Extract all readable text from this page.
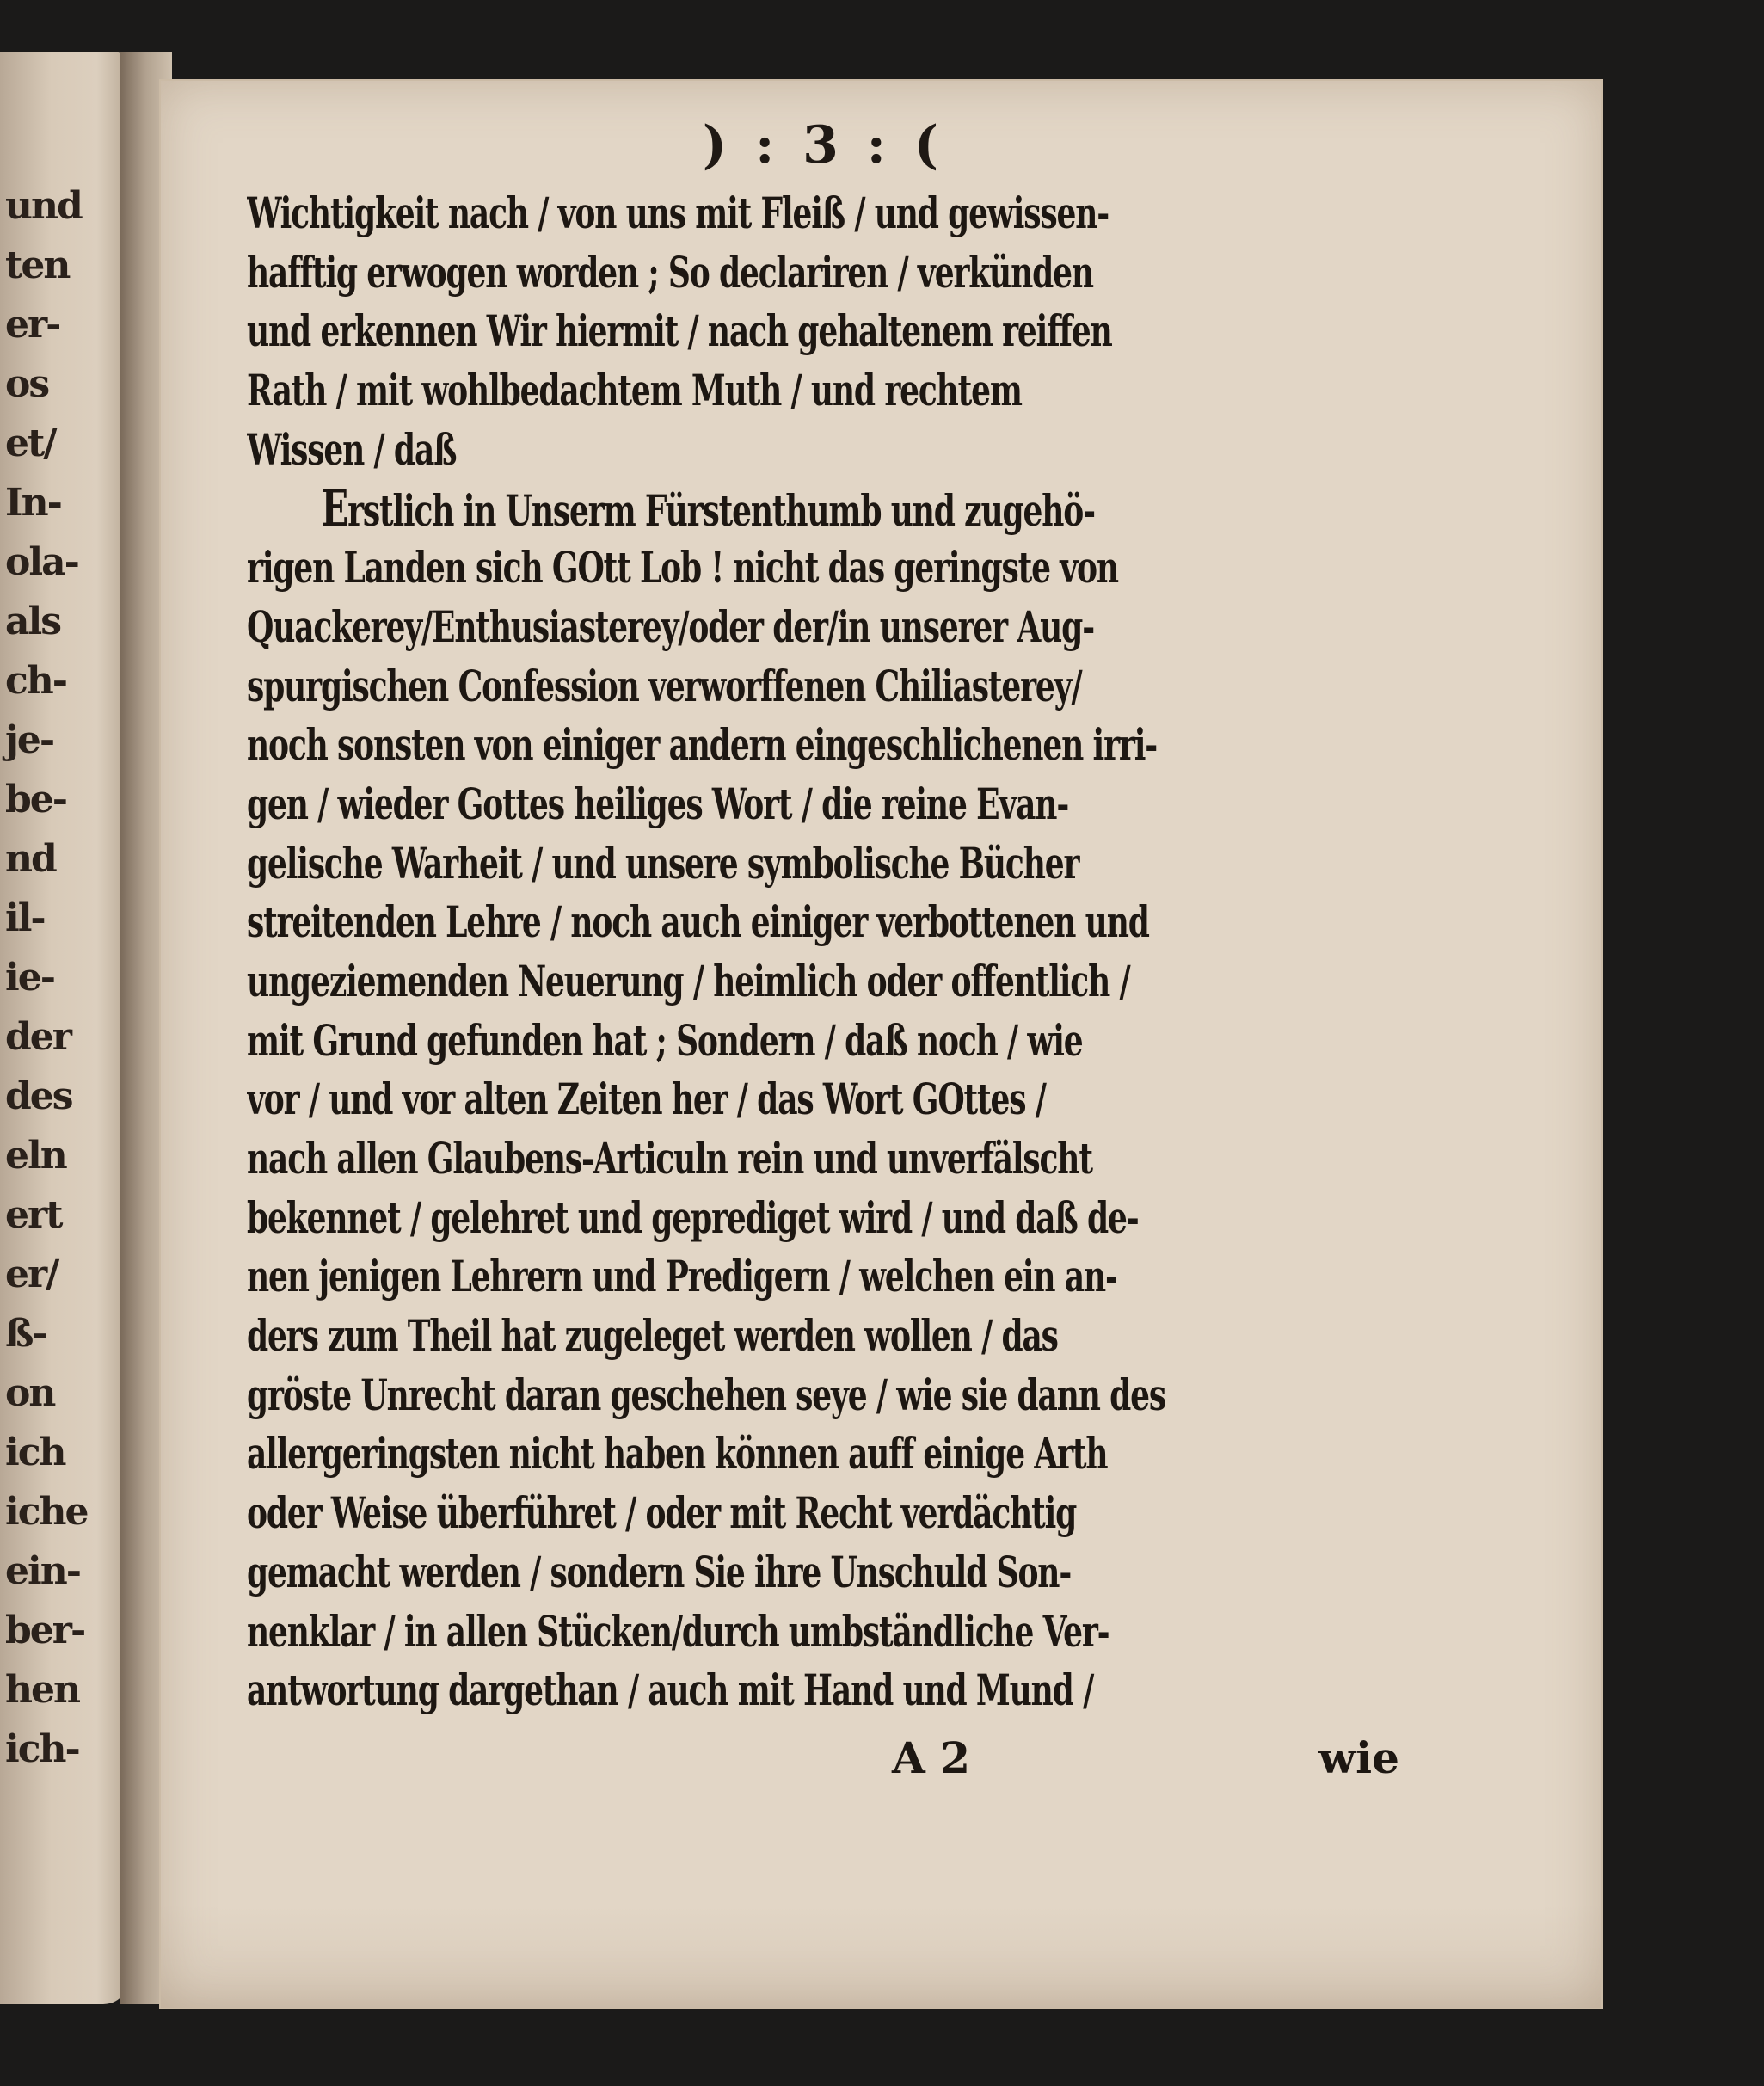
und
ten
er-
os
et/
In-
ola-
als
ch-
je-
be-
nd
il-
ie-
der
des
eln
ert
er/
ß-
on
ich
iche
ein-
ber-
hen
ich-
) : 3 : (
Wichtigkeit nach / von uns mit Fleiß / und gewissen-
hafftig erwogen worden ; So declariren / verkünden
und erkennen Wir hiermit / nach gehaltenem reiffen
Rath / mit wohlbedachtem Muth / und rechtem
Wissen / daß
Erstlich in Unserm Fürstenthumb und zugehö-
rigen Landen sich GOtt Lob ! nicht das geringste von
Quackerey/Enthusiasterey/oder der/in unserer Aug-
spurgischen Confession verworffenen Chiliasterey/
noch sonsten von einiger andern eingeschlichenen irri-
gen / wieder Gottes heiliges Wort / die reine Evan-
gelische Warheit / und unsere symbolische Bücher
streitenden Lehre / noch auch einiger verbottenen und
ungeziemenden Neuerung / heimlich oder offentlich /
mit Grund gefunden hat ; Sondern / daß noch / wie
vor / und vor alten Zeiten her / das Wort GOttes /
nach allen Glaubens-Articuln rein und unverfälscht
bekennet / gelehret und geprediget wird / und daß de-
nen jenigen Lehrern und Predigern / welchen ein an-
ders zum Theil hat zugeleget werden wollen / das
gröste Unrecht daran geschehen seye / wie sie dann des
allergeringsten nicht haben können auff einige Arth
oder Weise überführet / oder mit Recht verdächtig
gemacht werden / sondern Sie ihre Unschuld Son-
nenklar / in allen Stücken/durch umbständliche Ver-
antwortung dargethan / auch mit Hand und Mund /
A 2	wie
